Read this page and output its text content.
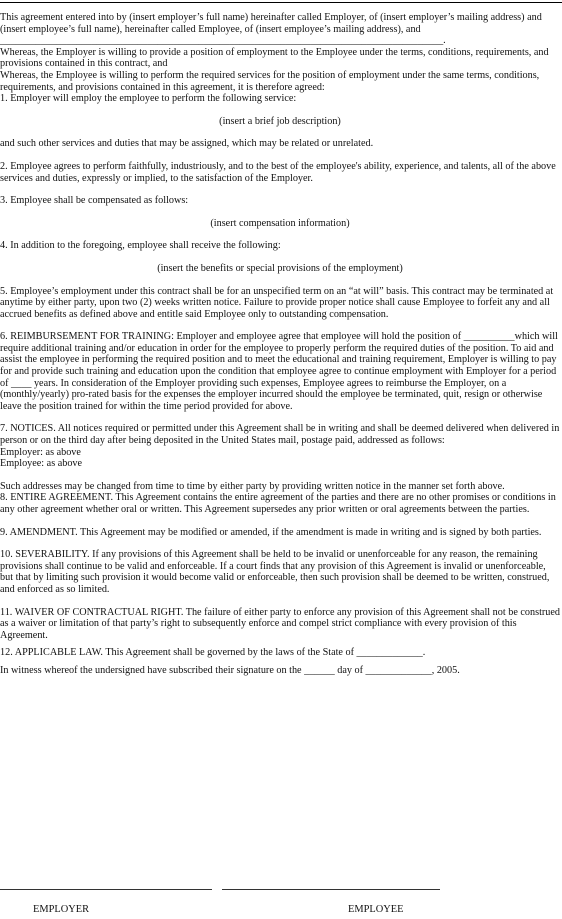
This agreement entered into by (insert employer’s full name) hereinafter called Employer, of (insert employer’s mailing address) and (insert employee’s full name), hereinafter called Employee, of (insert employee’s mailing address), and _______________________________________________________________________________________.

Whereas, the Employer is willing to provide a position of employment to the Employee under the terms, conditions, requirements, and provisions contained in this contract, and

Whereas, the Employee is willing to perform the required services for the position of employment under the same terms, conditions, requirements, and provisions contained in this agreement, it is therefore agreed:

1. Employer will employ the employee to perform the following service:

(insert a brief job description)

and such other services and duties that may be assigned, which may be related or unrelated.

2. Employee agrees to perform faithfully, industriously, and to the best of the employee's ability, experience, and talents, all of the above services and duties, expressly or implied, to the satisfaction of the Employer.

3. Employee shall be compensated as follows:

(insert compensation information)

4. In addition to the foregoing, employee shall receive the following:

(insert the benefits or special provisions of the employment)

5. Employee’s employment under this contract shall be for an unspecified term on an “at will” basis. This contract may be terminated at anytime by either party, upon two (2) weeks written notice. Failure to provide proper notice shall cause Employee to forfeit any and all accrued benefits as defined above and entitle said Employee only to outstanding compensation.

6. REIMBURSEMENT FOR TRAINING: Employer and employee agree that employee will hold the position of __________which will require additional training and/or education in order for the employee to properly perform the required duties of the position. To aid and assist the employee in performing the required position and to meet the educational and training requirement, Employer is willing to pay for and provide such training and education upon the condition that employee agree to continue employment with Employer for a period of ____ years. In consideration of the Employer providing such expenses, Employee agrees to reimburse the Employer, on a (monthly/yearly) pro-rated basis for the expenses the employer incurred should the employee be terminated, quit, resign or otherwise leave the position trained for within the time period provided for above.

7. NOTICES. All notices required or permitted under this Agreement shall be in writing and shall be deemed delivered when delivered in person or on the third day after being deposited in the United States mail, postage paid, addressed as follows:

Employer: as above

Employee: as above

Such addresses may be changed from time to time by either party by providing written notice in the manner set forth above.

8. ENTIRE AGREEMENT. This Agreement contains the entire agreement of the parties and there are no other promises or conditions in any other agreement whether oral or written. This Agreement supersedes any prior written or oral agreements between the parties.

9. AMENDMENT. This Agreement may be modified or amended, if the amendment is made in writing and is signed by both parties.

10. SEVERABILITY. If any provisions of this Agreement shall be held to be invalid or unenforceable for any reason, the remaining provisions shall continue to be valid and enforceable. If a court finds that any provision of this Agreement is invalid or unenforceable, but that by limiting such provision it would become valid or enforceable, then such provision shall be deemed to be written, construed, and enforced as so limited.

11. WAIVER OF CONTRACTUAL RIGHT. The failure of either party to enforce any provision of this Agreement shall not be construed as a waiver or limitation of that party’s right to subsequently enforce and compel strict compliance with every provision of this Agreement.

12. APPLICABLE LAW. This Agreement shall be governed by the laws of the State of _____________.

In witness whereof the undersigned have subscribed their signature on the ______ day of _____________, 2005.

EMPLOYER	EMPLOYEE
